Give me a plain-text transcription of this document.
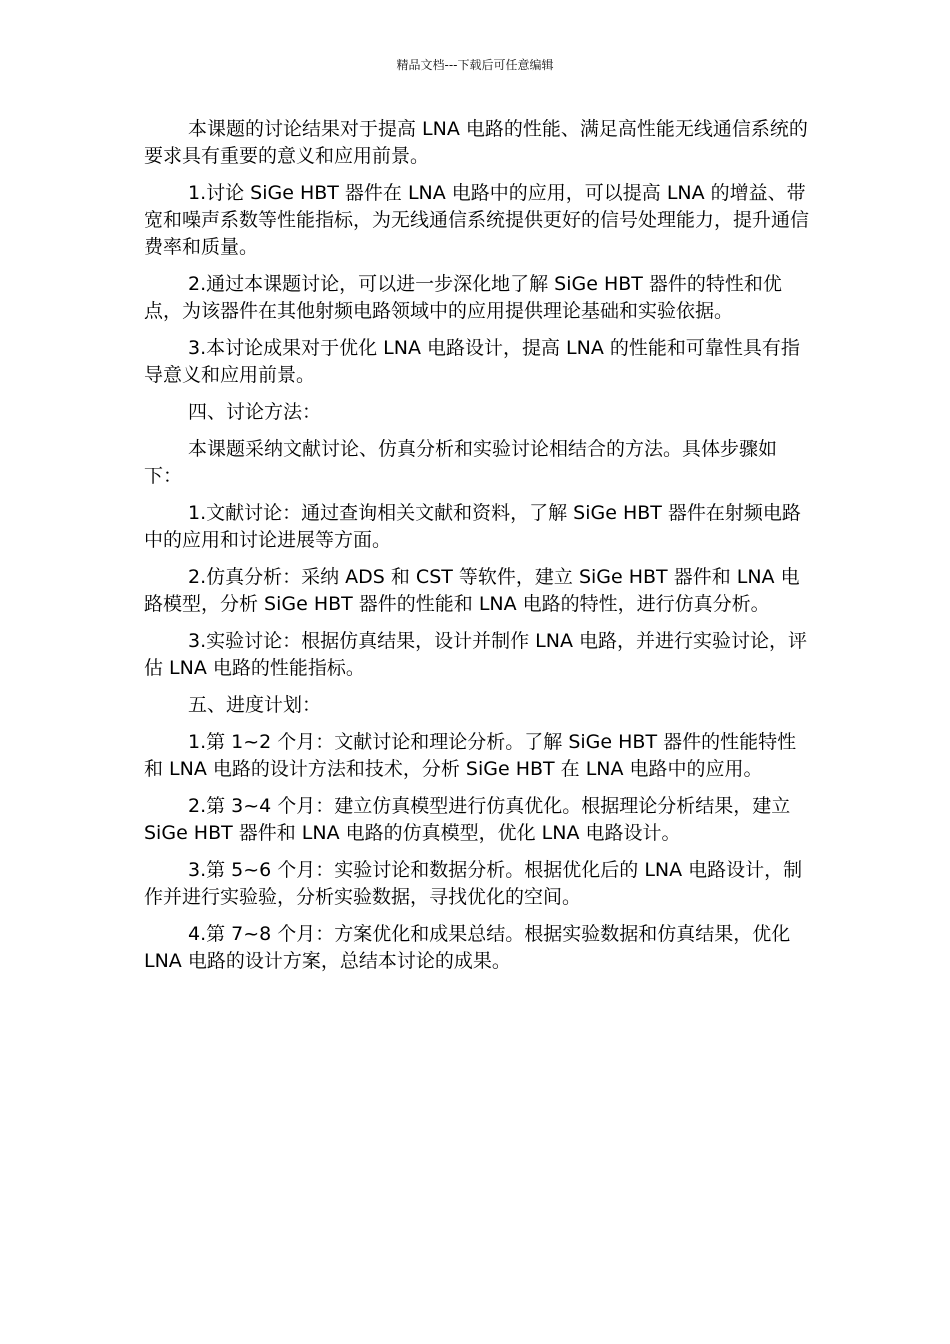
精品文档---下载后可任意编辑

本课题的讨论结果对于提高 LNA 电路的性能、满足高性能无线通信系统的要求具有重要的意义和应用前景。

1.讨论 SiGe HBT 器件在 LNA 电路中的应用，可以提高 LNA 的增益、带宽和噪声系数等性能指标，为无线通信系统提供更好的信号处理能力，提升通信费率和质量。

2.通过本课题讨论，可以进一步深化地了解 SiGe HBT 器件的特性和优点，为该器件在其他射频电路领域中的应用提供理论基础和实验依据。

3.本讨论成果对于优化 LNA 电路设计，提高 LNA 的性能和可靠性具有指导意义和应用前景。

四、讨论方法：

本课题采纳文献讨论、仿真分析和实验讨论相结合的方法。具体步骤如下：

1.文献讨论：通过查询相关文献和资料，了解 SiGe HBT 器件在射频电路中的应用和讨论进展等方面。

2.仿真分析：采纳 ADS 和 CST 等软件，建立 SiGe HBT 器件和 LNA 电路模型，分析 SiGe HBT 器件的性能和 LNA 电路的特性，进行仿真分析。

3.实验讨论：根据仿真结果，设计并制作 LNA 电路，并进行实验讨论，评估 LNA 电路的性能指标。

五、进度计划：

1.第 1~2 个月：文献讨论和理论分析。了解 SiGe HBT 器件的性能特性和 LNA 电路的设计方法和技术，分析 SiGe HBT 在 LNA 电路中的应用。

2.第 3~4 个月：建立仿真模型进行仿真优化。根据理论分析结果，建立 SiGe HBT 器件和 LNA 电路的仿真模型，优化 LNA 电路设计。

3.第 5~6 个月：实验讨论和数据分析。根据优化后的 LNA 电路设计，制作并进行实验验，分析实验数据，寻找优化的空间。

4.第 7~8 个月：方案优化和成果总结。根据实验数据和仿真结果，优化 LNA 电路的设计方案，总结本讨论的成果。
